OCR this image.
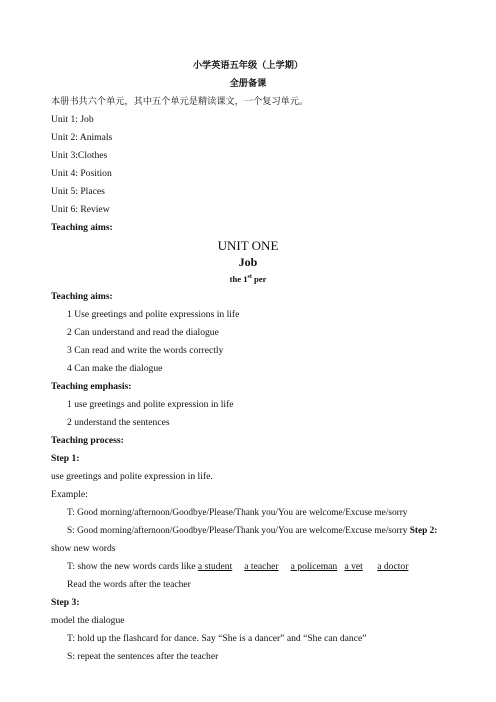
小学英语五年级（上学期）
全册备课
本册书共六个单元，其中五个单元是精读课文，一个复习单元。
Unit 1: Job
Unit 2: Animals
Unit 3:Clothes
Unit 4: Position
Unit 5: Places
Unit 6: Review
Teaching aims:
UNIT ONE
Job
the 1st per
Teaching aims:
1 Use greetings and polite expressions in life
2 Can understand and read the dialogue
3 Can read and write the words correctly
4 Can make the dialogue
Teaching emphasis:
1 use greetings and polite expression in life
2 understand the sentences
Teaching process:
Step 1:
use greetings and polite expression in life.
Example:
T: Good morning/afternoon/Goodbye/Please/Thank you/You are welcome/Excuse me/sorry
S: Good morning/afternoon/Goodbye/Please/Thank you/You are welcome/Excuse me/sorry Step 2:
show new words
T: show the new words cards like a student a teacher a policeman a vet a doctor
Read the words after the teacher
Step 3:
model the dialogue
T: hold up the flashcard for dance. Say “She is a dancer” and “She can dance”
S: repeat the sentences after the teacher
